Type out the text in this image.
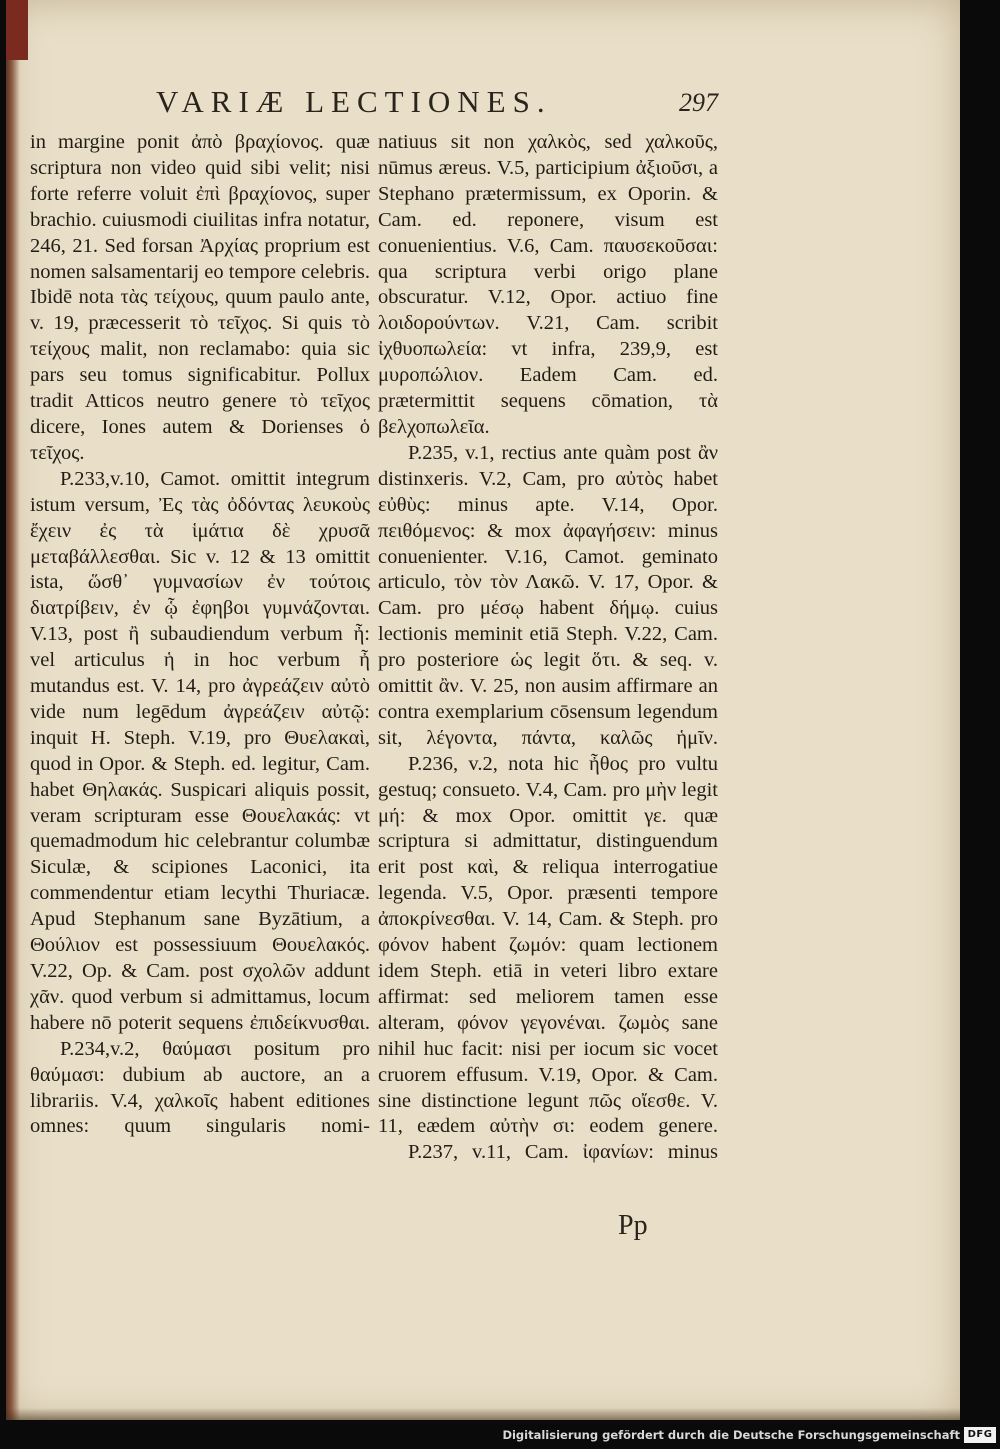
VARIÆ LECTIONES.	297

in margine ponit ἀπὸ βραχίονος. quæ scriptura non video quid sibi velit; nisi forte referre voluit ἐπὶ βραχίονος, super brachio. cuiusmodi ciuilitas infra notatur, 246, 21. Sed forsan Ἀρχίας proprium est nomen salsamentarij eo tempore celebris. Ibidē nota τὰς τείχους, quum paulo ante, v. 19, præcesserit τὸ τεῖχος. Si quis τὸ τείχους malit, non reclamabo: quia sic pars seu tomus significabitur. Pollux tradit Atticos neutro genere τὸ τεῖχος dicere, Iones autem & Dorienses ὁ τεῖχος.

P.233,v.10, Camot. omittit integrum istum versum, Ἐς τὰς ὀδόντας λευκοὺς ἔχειν ἐς τὰ ἱμάτια δὲ χρυσᾶ μεταβάλλεσθαι. Sic v. 12 & 13 omittit ista, ὥσθ᾽ γυμνασίων ἐν τούτοις διατρίβειν, ἐν ᾧ ἐφηβοι γυμνάζονται. V.13, post ἢ subaudiendum verbum ἦ: vel articulus ἡ in hoc verbum ἦ mutandus est. V. 14, pro ἀγρεάζειν αὐτὸ vide num legēdum ἀγρεάζειν αὐτῷ: inquit H. Steph. V.19, pro Θυελακαὶ, quod in Opor. & Steph. ed. legitur, Cam. habet Θηλακάς. Suspicari aliquis possit, veram scripturam esse Θουελακάς: vt quemadmodum hic celebrantur columbæ Siculæ, & scipiones Laconici, ita commendentur etiam lecythi Thuriacæ. Apud Stephanum sane Byzātium, a Θούλιον est possessiuum Θουελακός. V.22, Op. & Cam. post σχολῶν addunt χᾶν. quod verbum si admittamus, locum habere nō poterit sequens ἐπιδείκνυσθαι.

P.234,v.2, θαύμασι positum pro θαύμασι: dubium ab auctore, an a librariis. V.4, χαλκοῖς habent editiones omnes: quum singularis nomi-

natiuus sit non χαλκὸς, sed χαλκοῦς, nūmus æreus. V.5, participium ἀξιοῦσι, a Stephano prætermissum, ex Oporin. & Cam. ed. reponere, visum est conuenientius. V.6, Cam. παυσεκοῦσαι: qua scriptura verbi origo plane obscuratur. V.12, Opor. actiuo fine λοιδορούντων. V.21, Cam. scribit ἰχθυοπωλεία: vt infra, 239,9, est μυροπώλιον. Eadem Cam. ed. prætermittit sequens cōmation, τὰ βελχοπωλεῖα.

P.235, v.1, rectius ante quàm post ἂν distinxeris. V.2, Cam, pro αὐτὸς habet εὐθὺς: minus apte. V.14, Opor. πειθόμενος: & mox ἀφαγήσειν: minus conuenienter. V.16, Camot. geminato articulo, τὸν τὸν Λακῶ. V. 17, Opor. & Cam. pro μέσῳ habent δήμῳ. cuius lectionis meminit etiā Steph. V.22, Cam. pro posteriore ὡς legit ὅτι. & seq. v. omittit ἂν. V. 25, non ausim affirmare an contra exemplarium cōsensum legendum sit, λέγοντα, πάντα, καλῶς ἡμῖν.

P.236, v.2, nota hic ἦθος pro vultu gestuq; consueto. V.4, Cam. pro μὴν legit μή: & mox Opor. omittit γε. quæ scriptura si admittatur, distinguendum erit post καὶ, & reliqua interrogatiue legenda. V.5, Opor. præsenti tempore ἀποκρίνεσθαι. V. 14, Cam. & Steph. pro φόνον habent ζωμόν: quam lectionem idem Steph. etiā in veteri libro extare affirmat: sed meliorem tamen esse alteram, φόνον γεγονέναι. ζωμὸς sane nihil huc facit: nisi per iocum sic vocet cruorem effusum. V.19, Opor. & Cam. sine distinctione legunt πῶς οἴεσθε. V. 11, eædem αὐτὴν σι: eodem genere.

P.237, v.11, Cam. ἰφανίων: minus

Pp
Digitalisierung gefördert durch die Deutsche Forschungsgemeinschaft DFG
